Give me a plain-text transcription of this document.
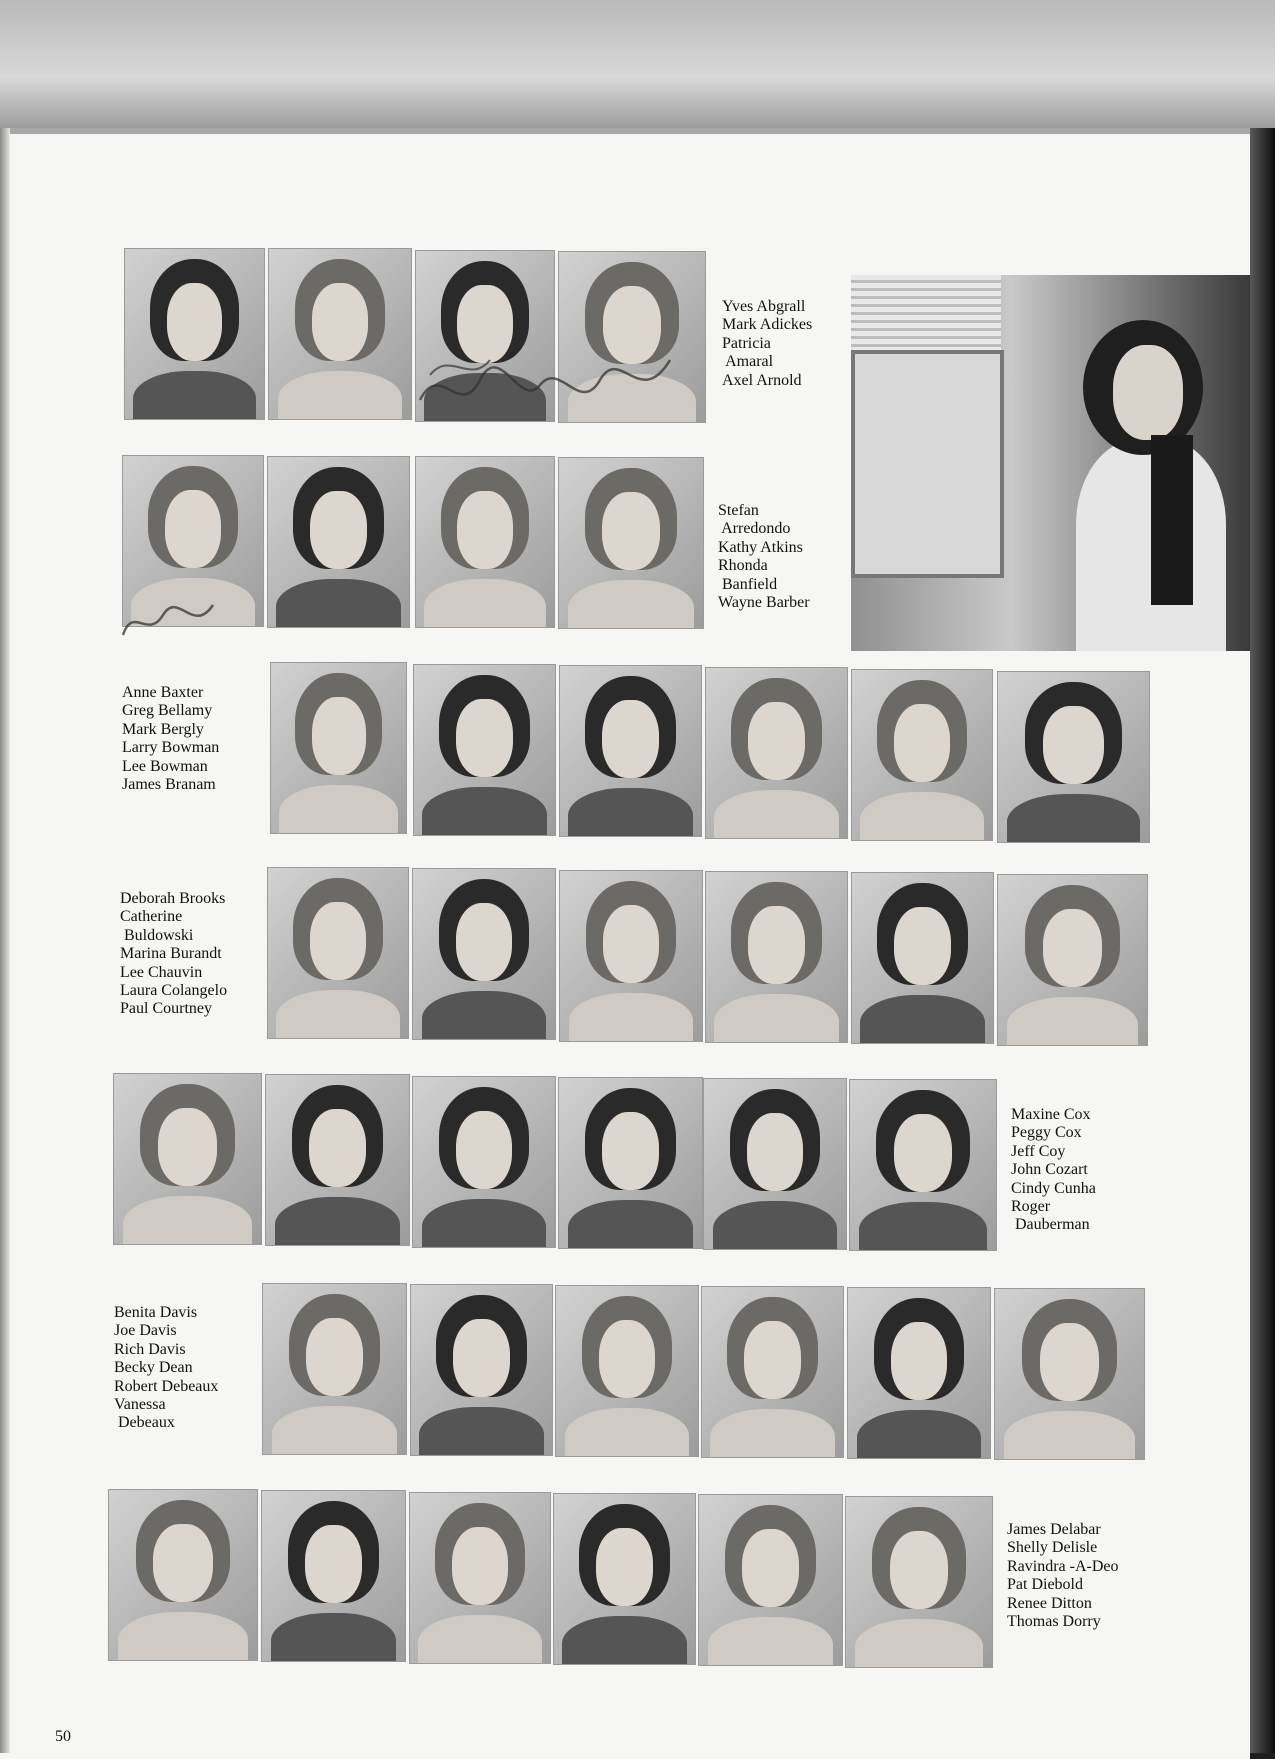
Yves Abgrall
Mark Adickes
Patricia
Amaral
Axel Arnold
Stefan
Arredondo
Kathy Atkins
Rhonda
Banfield
Wayne Barber
Anne Baxter
Greg Bellamy
Mark Bergly
Larry Bowman
Lee Bowman
James Branam
Deborah Brooks
Catherine
Buldowski
Marina Burandt
Lee Chauvin
Laura Colangelo
Paul Courtney
Maxine Cox
Peggy Cox
Jeff Coy
John Cozart
Cindy Cunha
Roger
Dauberman
Benita Davis
Joe Davis
Rich Davis
Becky Dean
Robert Debeaux
Vanessa
Debeaux
James Delabar
Shelly Delisle
Ravindra -A-Deo
Pat Diebold
Renee Ditton
Thomas Dorry
50
